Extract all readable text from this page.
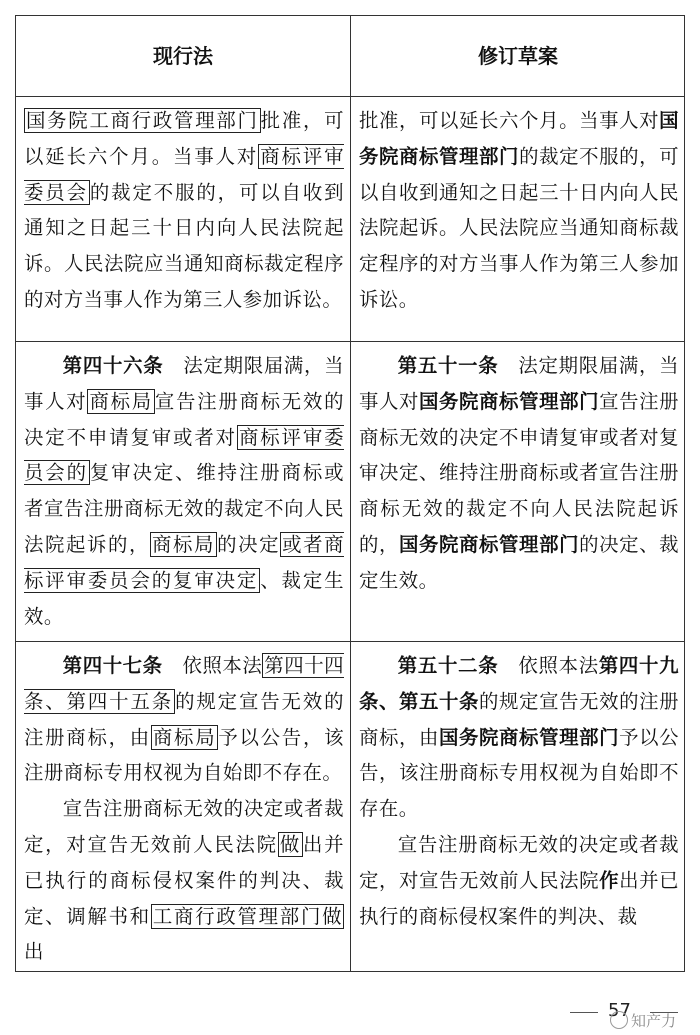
现行法	修订草案

国务院工商行政管理部门 批准，可以延长六个月。当事人对 商标评审委员会 的裁定不服的，可以自收到通知之日起三十日内向人民法院起诉。人民法院应当通知商标裁定程序的对方当事人作为第三人参加诉讼。

批准，可以延长六个月。当事人对国务院商标管理部门的裁定不服的，可以自收到通知之日起三十日内向人民法院起诉。人民法院应当通知商标裁定程序的对方当事人作为第三人参加诉讼。

第四十六条　法定期限届满，当事人对 商标局 宣告注册商标无效的决定不申请复审或者对 商标评审委员会的 复审决定、维持注册商标或者宣告注册商标无效的裁定不向人民法院起诉的， 商标局 的决定 或者商标评审委员会的复审决定 、裁定生效。

第五十一条　法定期限届满，当事人对国务院商标管理部门宣告注册商标无效的决定不申请复审或者对复审决定、维持注册商标或者宣告注册商标无效的裁定不向人民法院起诉的，国务院商标管理部门的决定、裁定生效。

第四十七条　依照本法 第四十四条、第四十五条 的规定宣告无效的注册商标，由 商标局 予以公告，该注册商标专用权视为自始即不存在。

宣告注册商标无效的决定或者裁定，对宣告无效前人民法院 做 出并已执行的商标侵权案件的判决、裁定、调解书和 工商行政管理部门做出

第五十二条　依照本法第四十九条、第五十条的规定宣告无效的注册商标，由国务院商标管理部门予以公告，该注册商标专用权视为自始即不存在。

宣告注册商标无效的决定或者裁定，对宣告无效前人民法院作出并已执行的商标侵权案件的判决、裁

57 知产力
